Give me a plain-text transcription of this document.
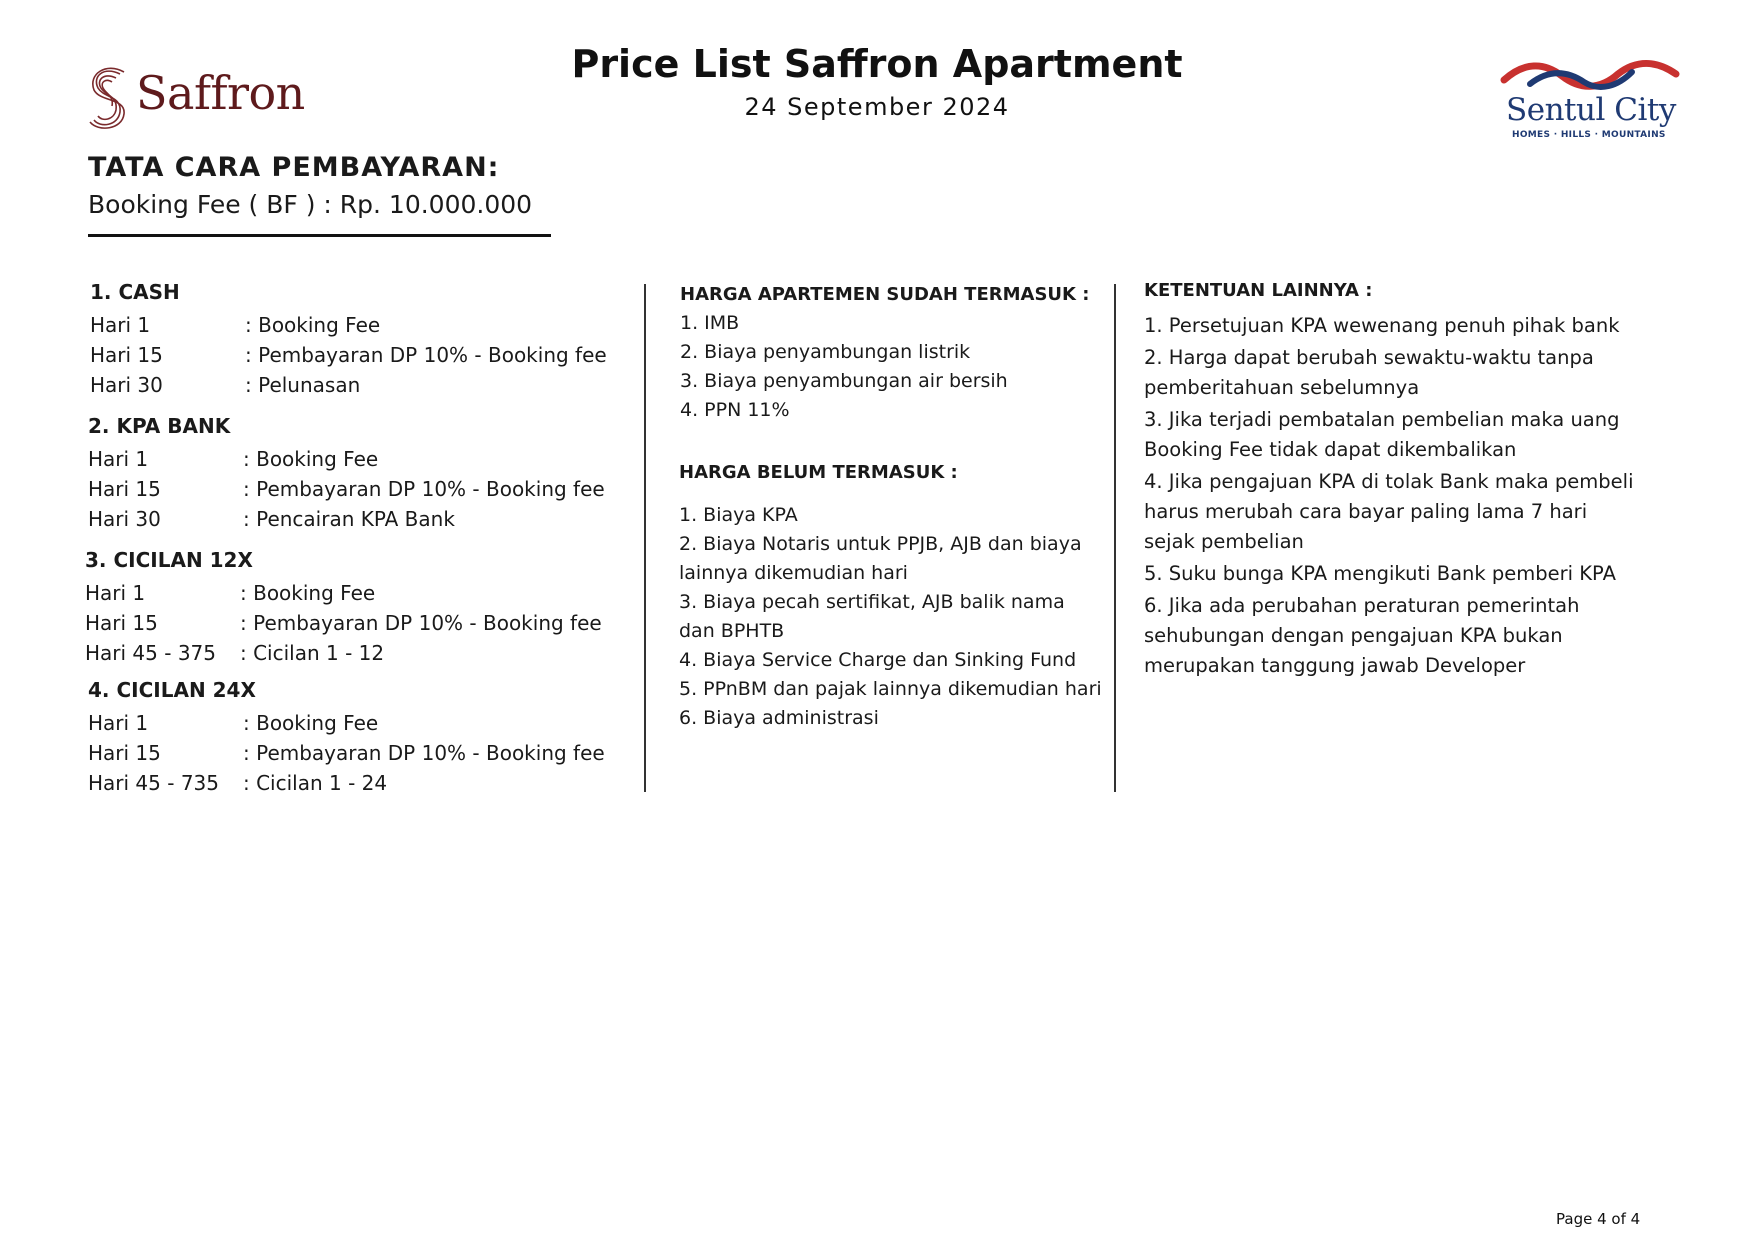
Saffron
Price List Saffron Apartment
24 September 2024	Sentul City
HOMES · HILLS · MOUNTAINS
TATA CARA PEMBAYARAN:
Booking Fee ( BF ) : Rp. 10.000.000
1. CASH
Hari 1	: Booking Fee
Hari 15	: Pembayaran DP 10% - Booking fee
Hari 30	: Pelunasan
2. KPA BANK
Hari 1	: Booking Fee
Hari 15	: Pembayaran DP 10% - Booking fee
Hari 30	: Pencairan KPA Bank
3. CICILAN 12X
Hari 1	: Booking Fee
Hari 15	: Pembayaran DP 10% - Booking fee
Hari 45 - 375	: Cicilan 1 - 12
4. CICILAN 24X
Hari 1	: Booking Fee
Hari 15	: Pembayaran DP 10% - Booking fee
Hari 45 - 735	: Cicilan 1 - 24
HARGA APARTEMEN SUDAH TERMASUK :
1. IMB
2. Biaya penyambungan listrik
3. Biaya penyambungan air bersih
4. PPN 11%
HARGA BELUM TERMASUK :
1. Biaya KPA
2. Biaya Notaris untuk PPJB, AJB dan biaya lainnya dikemudian hari
3. Biaya pecah sertifikat, AJB balik nama dan BPHTB
4. Biaya Service Charge dan Sinking Fund
5. PPnBM dan pajak lainnya dikemudian hari
6. Biaya administrasi
KETENTUAN LAINNYA :
1. Persetujuan KPA wewenang penuh pihak bank
2. Harga dapat berubah sewaktu-waktu tanpa pemberitahuan sebelumnya
3. Jika terjadi pembatalan pembelian maka uang Booking Fee tidak dapat dikembalikan
4. Jika pengajuan KPA di tolak Bank maka pembeli harus merubah cara bayar paling lama 7 hari sejak pembelian
5. Suku bunga KPA mengikuti Bank pemberi KPA
6. Jika ada perubahan peraturan pemerintah sehubungan dengan pengajuan KPA bukan merupakan tanggung jawab Developer
Page 4 of 4
